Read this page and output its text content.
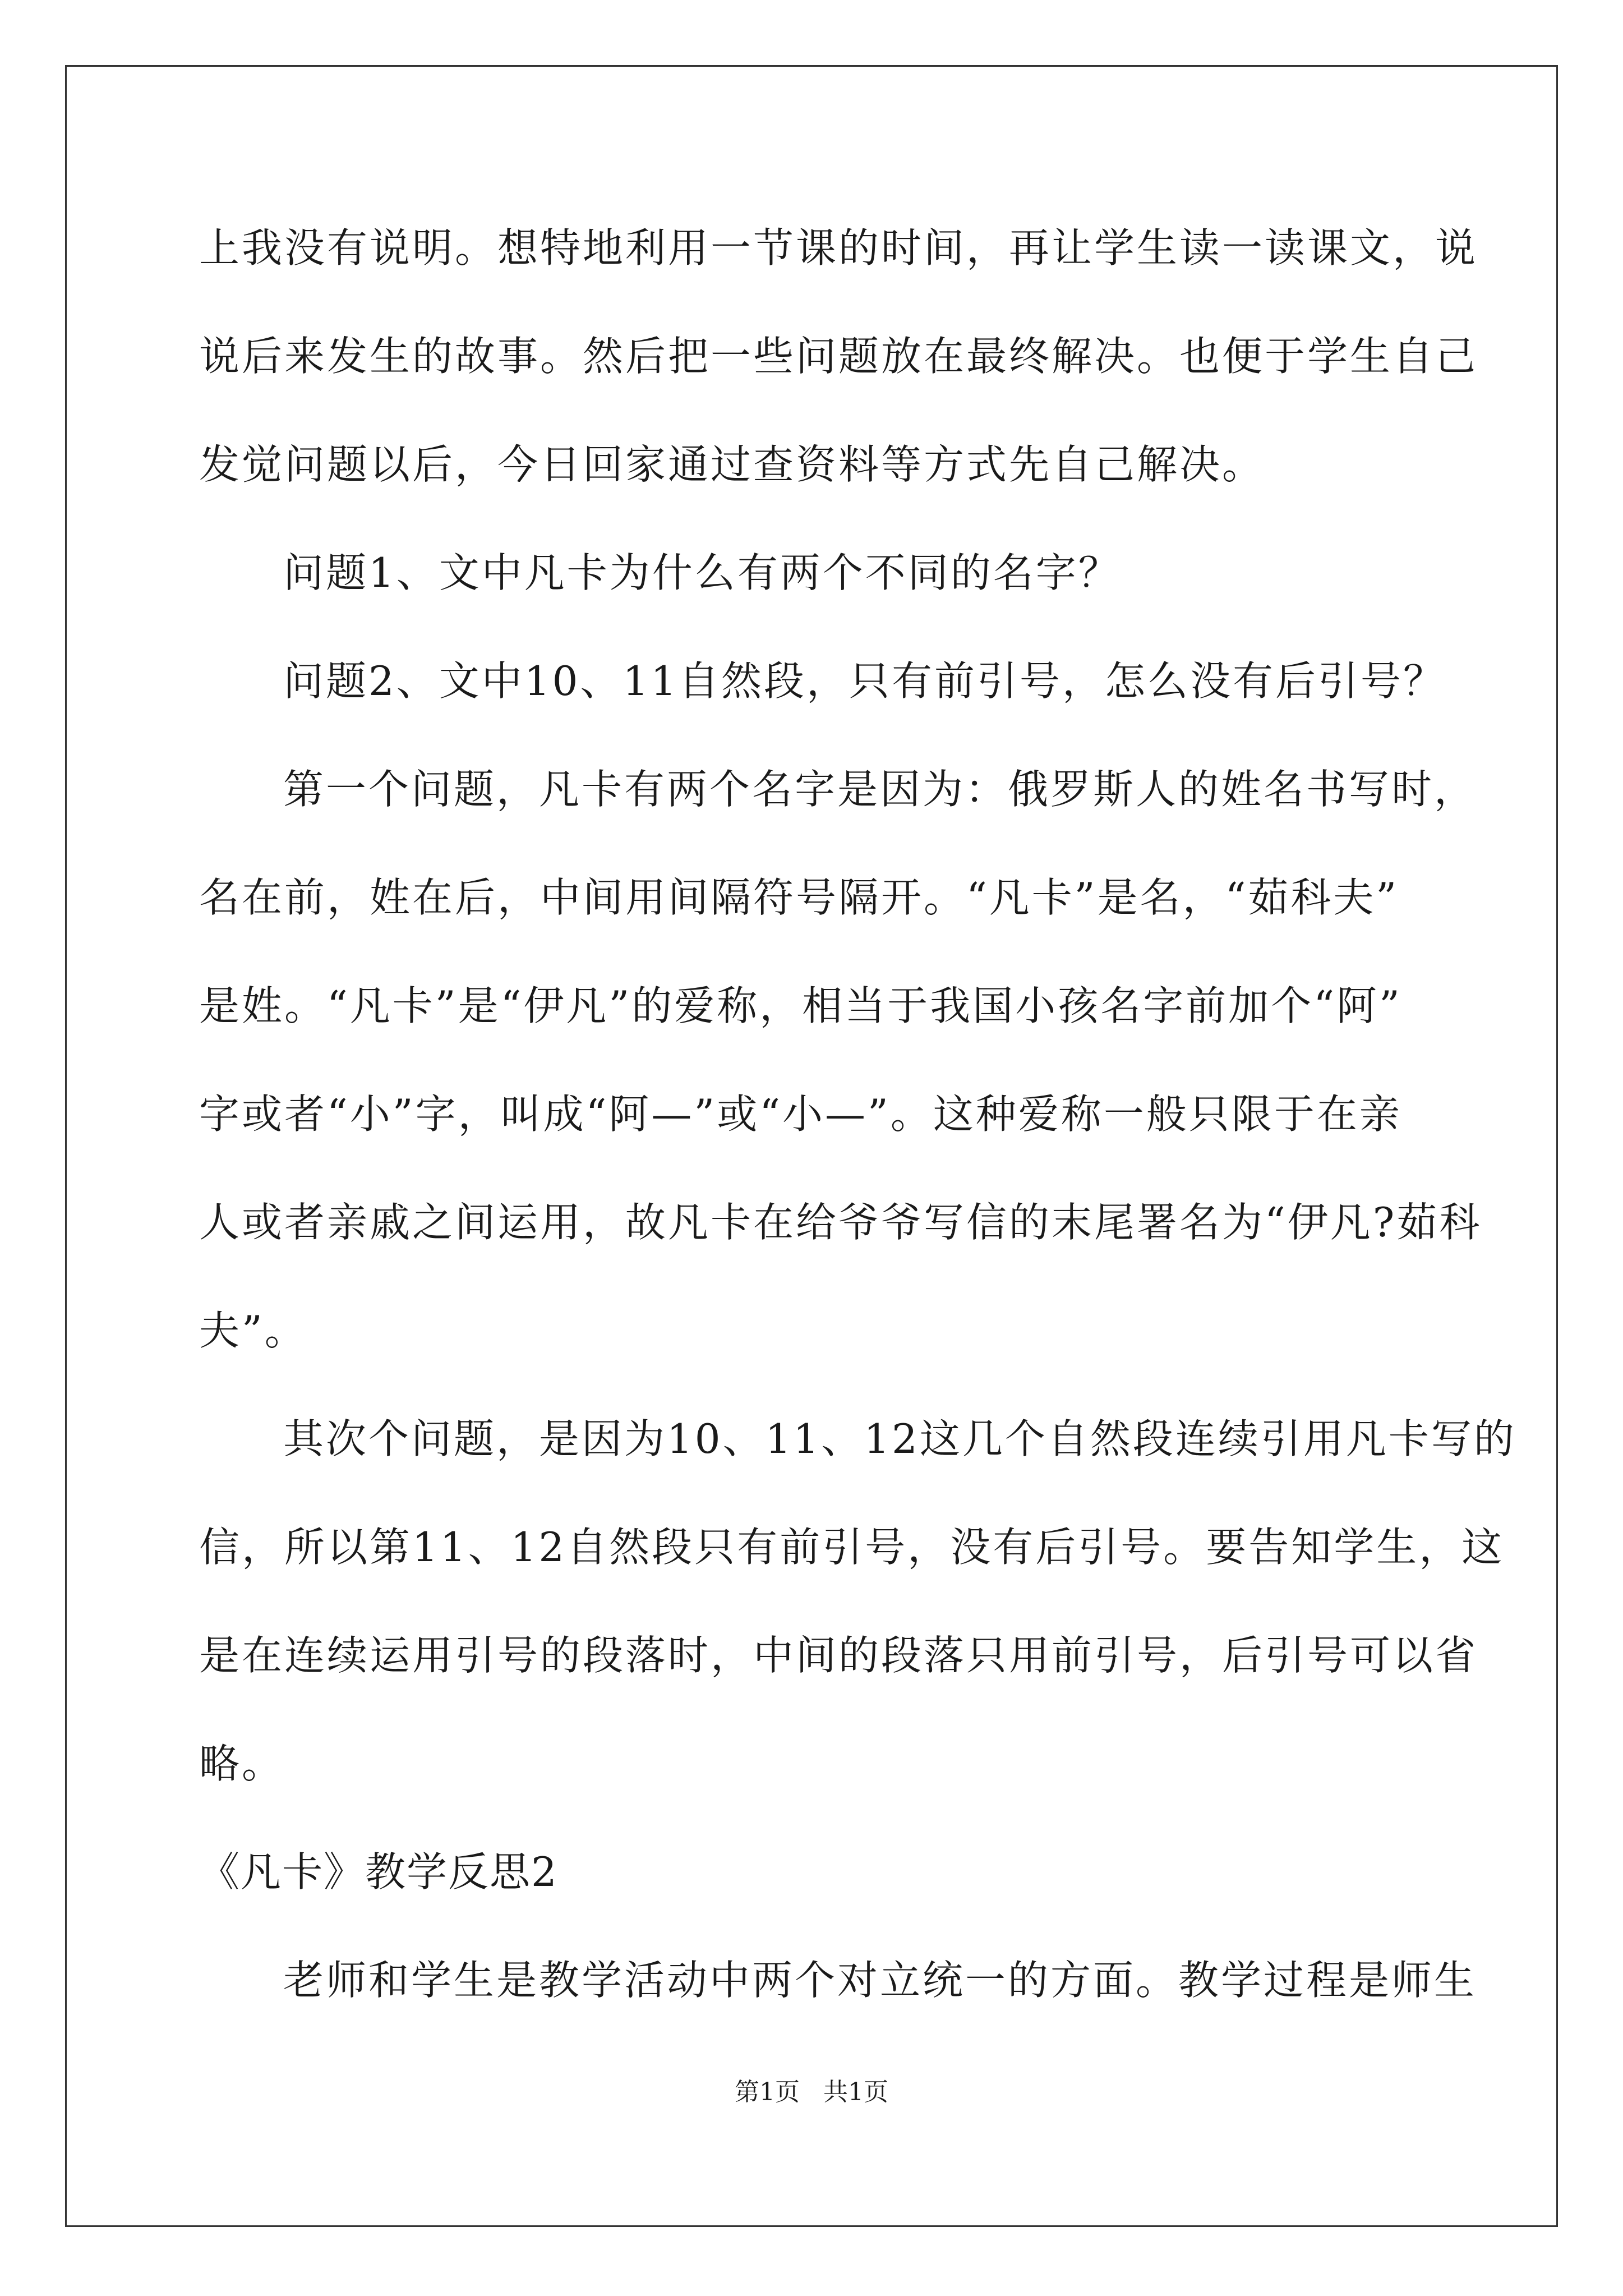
上我没有说明。想特地利用一节课的时间，再让学生读一读课文，说
说后来发生的故事。然后把一些问题放在最终解决。也便于学生自己
发觉问题以后，今日回家通过查资料等方式先自己解决。
问题1、文中凡卡为什么有两个不同的名字？
问题2、文中10、11自然段，只有前引号，怎么没有后引号？
第一个问题，凡卡有两个名字是因为：俄罗斯人的姓名书写时，
名在前，姓在后，中间用间隔符号隔开。“凡卡”是名，“茹科夫”
是姓。“凡卡”是“伊凡”的爱称，相当于我国小孩名字前加个“阿”
字或者“小”字，叫成“阿—”或“小—”。这种爱称一般只限于在亲
人或者亲戚之间运用，故凡卡在给爷爷写信的末尾署名为“伊凡?茹科
夫”。
其次个问题，是因为10、11、12这几个自然段连续引用凡卡写的
信，所以第11、12自然段只有前引号，没有后引号。要告知学生，这
是在连续运用引号的段落时，中间的段落只用前引号，后引号可以省
略。
《凡卡》教学反思2
老师和学生是教学活动中两个对立统一的方面。教学过程是师生
第1页   共1页
